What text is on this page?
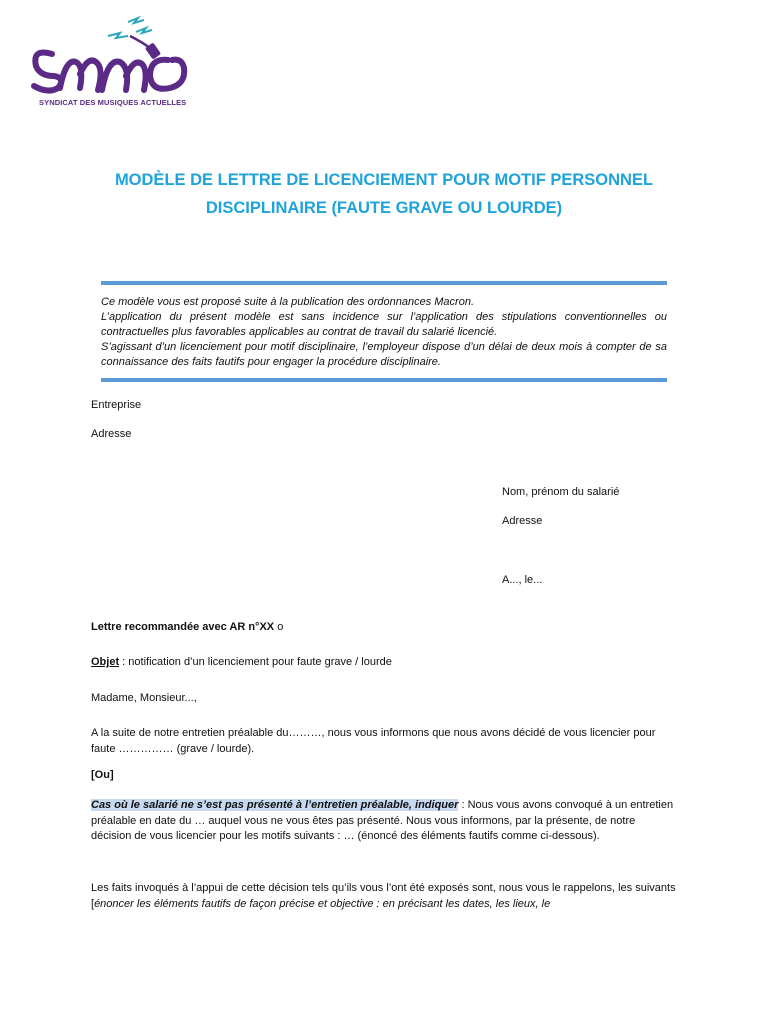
SYNDICAT DES MUSIQUES ACTUELLES
MODÈLE DE LETTRE DE LICENCIEMENT POUR MOTIF PERSONNEL
DISCIPLINAIRE (FAUTE GRAVE OU LOURDE)

Ce modèle vous est proposé suite à la publication des ordonnances Macron.

L’application du présent modèle est sans incidence sur l’application des stipulations conventionnelles ou contractuelles plus favorables applicables au contrat de travail du salarié licencié.

S’agissant d’un licenciement pour motif disciplinaire, l’employeur dispose d’un délai de deux mois à compter de sa connaissance des faits fautifs pour engager la procédure disciplinaire.

Entreprise
Adresse
Nom, prénom du salarié
Adresse
A..., le...
Lettre recommandée avec AR n°XX o
Objet : notification d’un licenciement pour faute grave / lourde
Madame, Monsieur...,

A la suite de notre entretien préalable du………, nous vous informons que nous avons décidé de vous licencier pour faute …………… (grave / lourde).

[Ou]

Cas où le salarié ne s’est pas présenté à l’entretien préalable, indiquer : Nous vous avons convoqué à un entretien préalable en date du … auquel vous ne vous êtes pas présenté. Nous vous informons, par la présente, de notre décision de vous licencier pour les motifs suivants : … (énoncé des éléments fautifs comme ci-dessous).

Les faits invoqués à l’appui de cette décision tels qu’ils vous l’ont été exposés sont, nous vous le rappelons, les suivants [énoncer les éléments fautifs de façon précise et objective : en précisant les dates, les lieux, le
